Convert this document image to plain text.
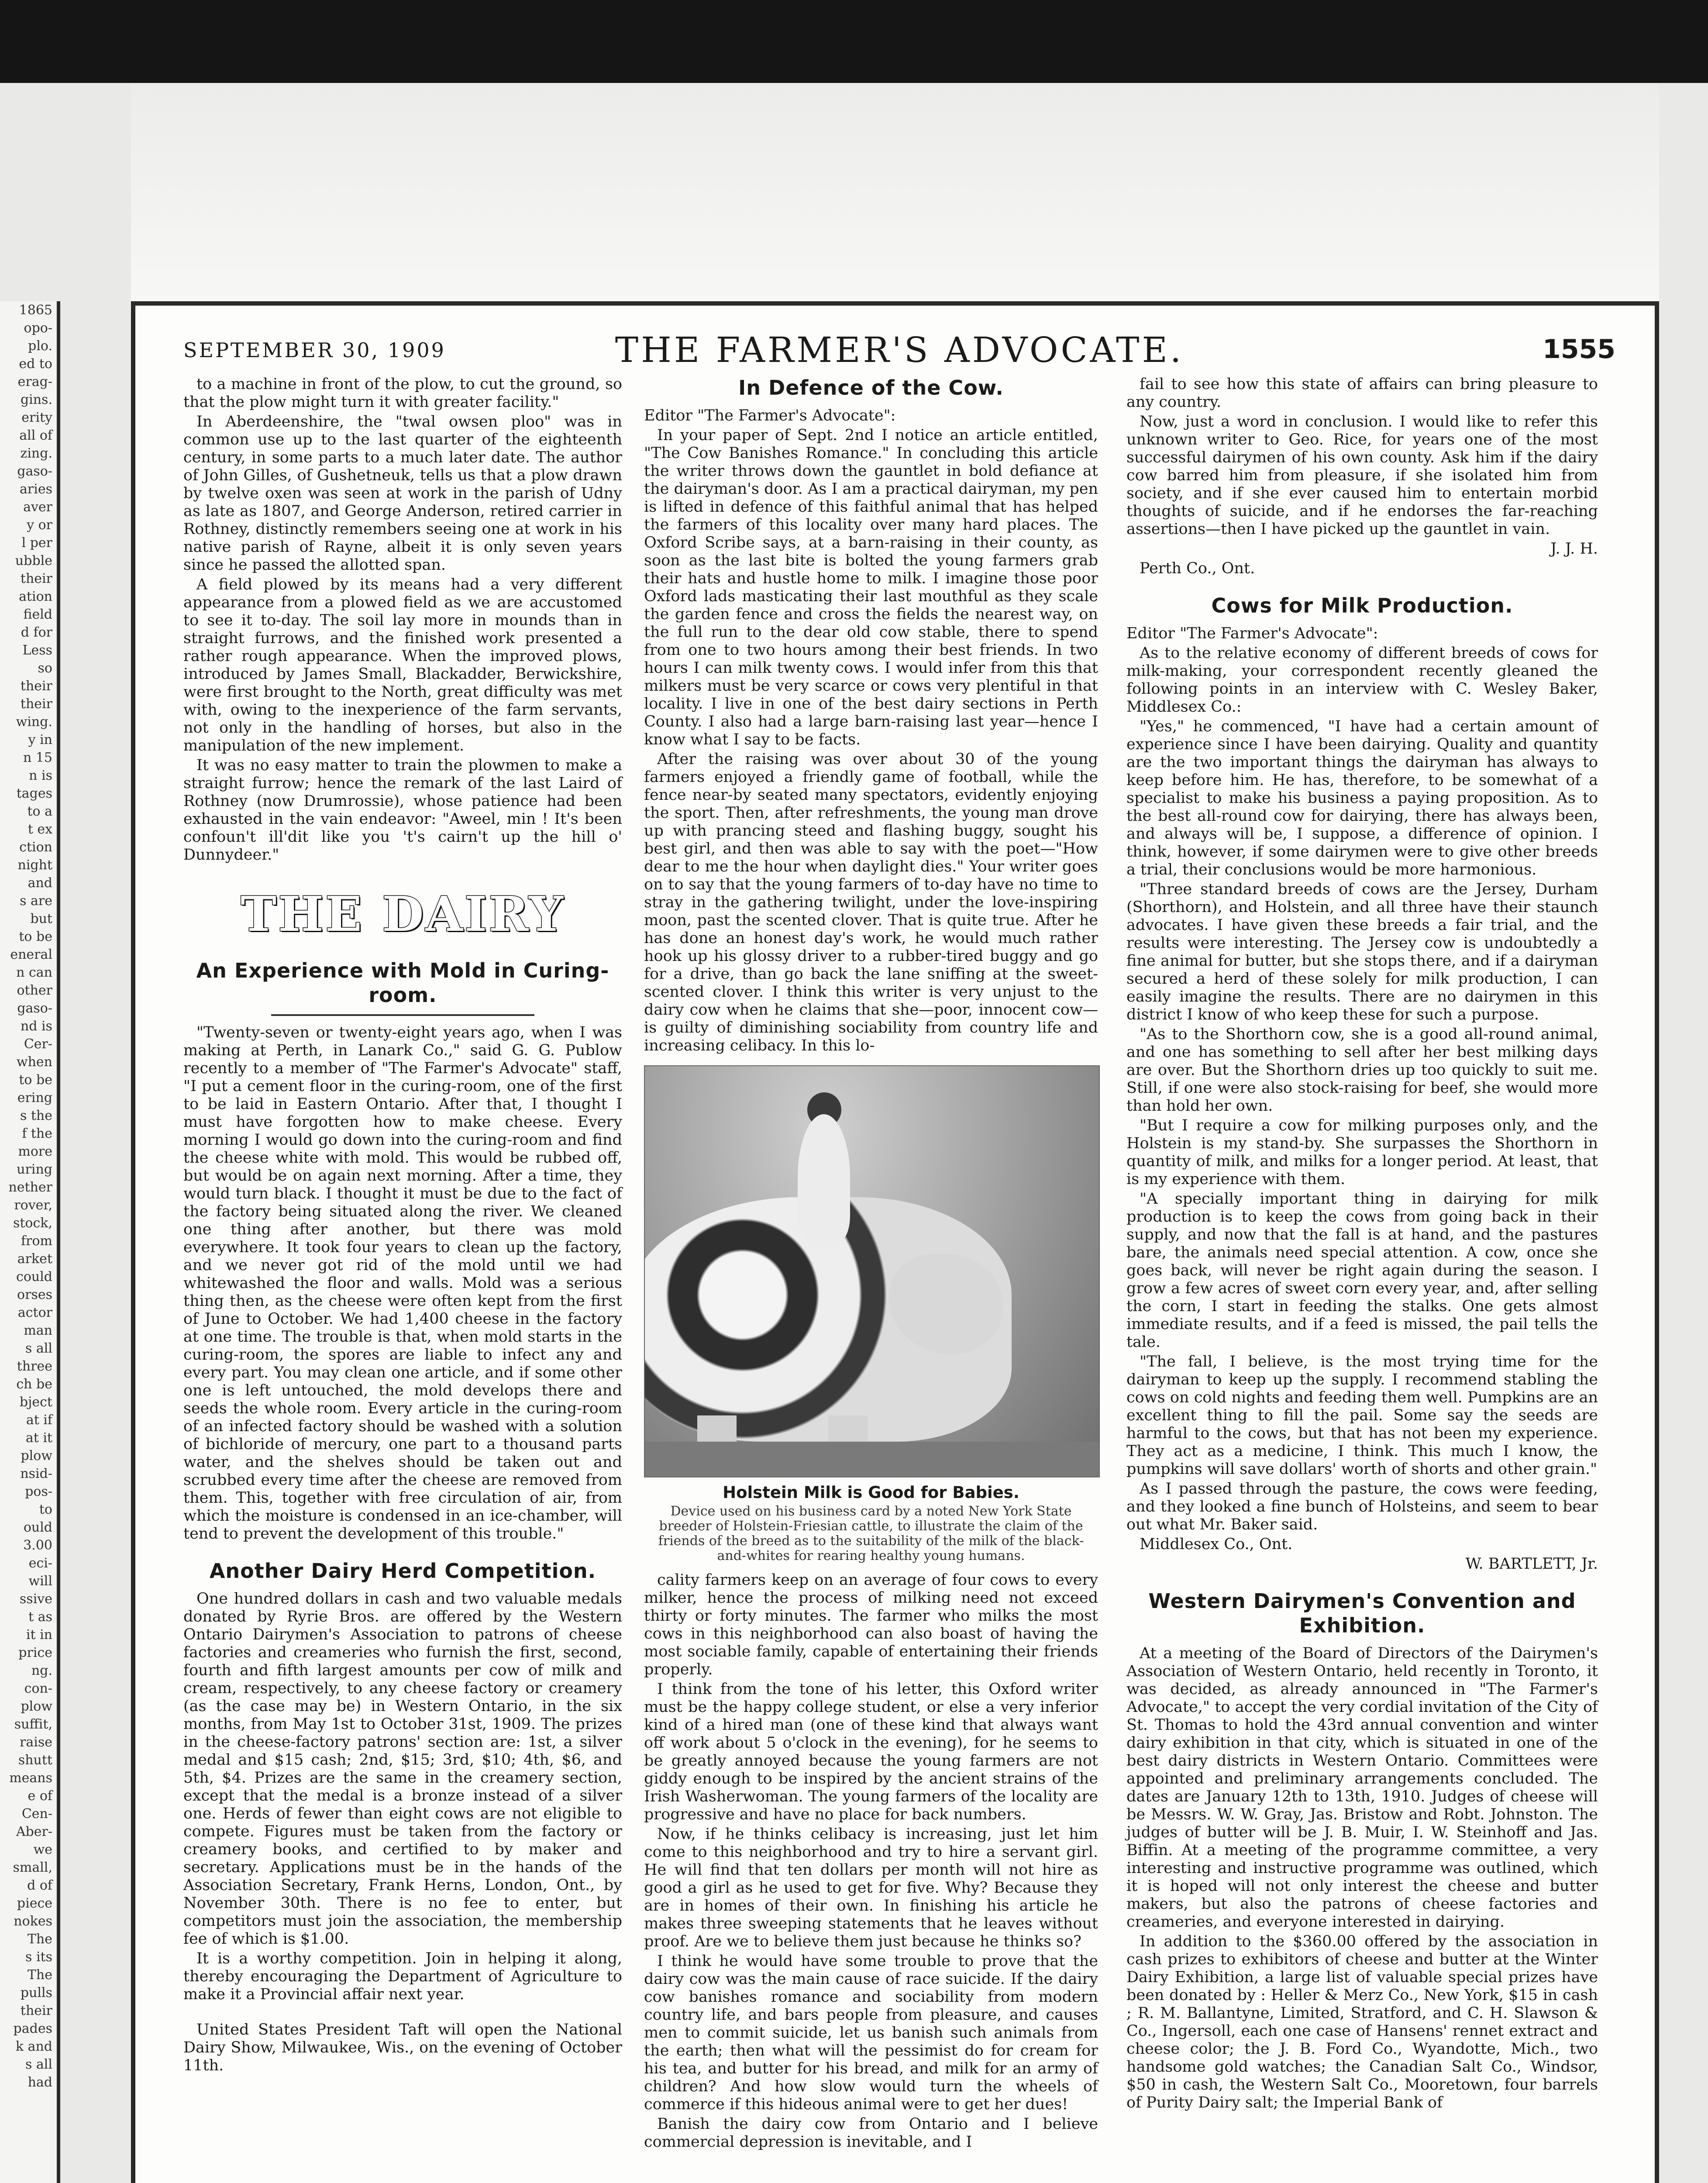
1865
opo-
plo.
ed to
erag-
gins.
erity
all of
zing.
gaso-
aries
aver
y or
l per
ubble
their
ation
field
d for
Less
so
their
their
wing.
y in
n 15
n is
tages
to a
t ex
ction
night
and
s are
but
to be
eneral
n can
other
gaso-
nd is
Cer-
when
to be
ering
s the
f the
more
uring
nether
rover,
stock,
from
arket
could
orses
actor
man
s all
three
ch be
bject
at if
at it
plow
nsid-
pos-
to
ould
3.00
eci-
will
ssive
t as
it in
price
ng.
con-
plow
suffit,
raise
shutt
means
e of
Cen-
Aber-
we
small,
d of
piece
nokes
The
s its
The
pulls
their
pades
k and
s all
had
SEPTEMBER 30, 1909	THE FARMER'S ADVOCATE.	1555

to a machine in front of the plow, to cut the ground, so that the plow might turn it with greater facility."

In Aberdeenshire, the "twal owsen ploo" was in common use up to the last quarter of the eighteenth century, in some parts to a much later date. The author of John Gilles, of Gushetneuk, tells us that a plow drawn by twelve oxen was seen at work in the parish of Udny as late as 1807, and George Anderson, retired carrier in Rothney, distinctly remembers seeing one at work in his native parish of Rayne, albeit it is only seven years since he passed the allotted span.

A field plowed by its means had a very different appearance from a plowed field as we are accustomed to see it to-day. The soil lay more in mounds than in straight furrows, and the finished work presented a rather rough appearance. When the improved plows, introduced by James Small, Blackadder, Berwickshire, were first brought to the North, great difficulty was met with, owing to the inexperience of the farm servants, not only in the handling of horses, but also in the manipulation of the new implement.

It was no easy matter to train the plowmen to make a straight furrow; hence the remark of the last Laird of Rothney (now Drumrossie), whose patience had been exhausted in the vain endeavor: "Aweel, min ! It's been confoun't ill'dit like you 't's cairn't up the hill o' Dunnydeer."

THE DAIRY
An Experience with Mold in Curing-room.

"Twenty-seven or twenty-eight years ago, when I was making at Perth, in Lanark Co.," said G. G. Publow recently to a member of "The Farmer's Advocate" staff, "I put a cement floor in the curing-room, one of the first to be laid in Eastern Ontario. After that, I thought I must have forgotten how to make cheese. Every morning I would go down into the curing-room and find the cheese white with mold. This would be rubbed off, but would be on again next morning. After a time, they would turn black. I thought it must be due to the fact of the factory being situated along the river. We cleaned one thing after another, but there was mold everywhere. It took four years to clean up the factory, and we never got rid of the mold until we had whitewashed the floor and walls. Mold was a serious thing then, as the cheese were often kept from the first of June to October. We had 1,400 cheese in the factory at one time. The trouble is that, when mold starts in the curing-room, the spores are liable to infect any and every part. You may clean one article, and if some other one is left untouched, the mold develops there and seeds the whole room. Every article in the curing-room of an infected factory should be washed with a solution of bichloride of mercury, one part to a thousand parts water, and the shelves should be taken out and scrubbed every time after the cheese are removed from them. This, together with free circulation of air, from which the moisture is condensed in an ice-chamber, will tend to prevent the development of this trouble."

Another Dairy Herd Competition.

One hundred dollars in cash and two valuable medals donated by Ryrie Bros. are offered by the Western Ontario Dairymen's Association to patrons of cheese factories and creameries who furnish the first, second, fourth and fifth largest amounts per cow of milk and cream, respectively, to any cheese factory or creamery (as the case may be) in Western Ontario, in the six months, from May 1st to October 31st, 1909. The prizes in the cheese-factory patrons' section are: 1st, a silver medal and $15 cash; 2nd, $15; 3rd, $10; 4th, $6, and 5th, $4. Prizes are the same in the creamery section, except that the medal is a bronze instead of a silver one. Herds of fewer than eight cows are not eligible to compete. Figures must be taken from the factory or creamery books, and certified to by maker and secretary. Applications must be in the hands of the Association Secretary, Frank Herns, London, Ont., by November 30th. There is no fee to enter, but competitors must join the association, the membership fee of which is $1.00.

It is a worthy competition. Join in helping it along, thereby encouraging the Department of Agriculture to make it a Provincial affair next year.

United States President Taft will open the National Dairy Show, Milwaukee, Wis., on the evening of October 11th.

In Defence of the Cow.

Editor "The Farmer's Advocate":

In your paper of Sept. 2nd I notice an article entitled, "The Cow Banishes Romance." In concluding this article the writer throws down the gauntlet in bold defiance at the dairyman's door. As I am a practical dairyman, my pen is lifted in defence of this faithful animal that has helped the farmers of this locality over many hard places. The Oxford Scribe says, at a barn-raising in their county, as soon as the last bite is bolted the young farmers grab their hats and hustle home to milk. I imagine those poor Oxford lads masticating their last mouthful as they scale the garden fence and cross the fields the nearest way, on the full run to the dear old cow stable, there to spend from one to two hours among their best friends. In two hours I can milk twenty cows. I would infer from this that milkers must be very scarce or cows very plentiful in that locality. I live in one of the best dairy sections in Perth County. I also had a large barn-raising last year—hence I know what I say to be facts.

After the raising was over about 30 of the young farmers enjoyed a friendly game of football, while the fence near-by seated many spectators, evidently enjoying the sport. Then, after refreshments, the young man drove up with prancing steed and flashing buggy, sought his best girl, and then was able to say with the poet—"How dear to me the hour when daylight dies." Your writer goes on to say that the young farmers of to-day have no time to stray in the gathering twilight, under the love-inspiring moon, past the scented clover. That is quite true. After he has done an honest day's work, he would much rather hook up his glossy driver to a rubber-tired buggy and go for a drive, than go back the lane sniffing at the sweet-scented clover. I think this writer is very unjust to the dairy cow when he claims that she—poor, innocent cow—is guilty of diminishing sociability from country life and increasing celibacy. In this lo-

Holstein Milk is Good for Babies.
Device used on his business card by a noted New York State breeder of Holstein-Friesian cattle, to illustrate the claim of the friends of the breed as to the suitability of the milk of the black-and-whites for rearing healthy young humans.

cality farmers keep on an average of four cows to every milker, hence the process of milking need not exceed thirty or forty minutes. The farmer who milks the most cows in this neighborhood can also boast of having the most sociable family, capable of entertaining their friends properly.

I think from the tone of his letter, this Oxford writer must be the happy college student, or else a very inferior kind of a hired man (one of these kind that always want off work about 5 o'clock in the evening), for he seems to be greatly annoyed because the young farmers are not giddy enough to be inspired by the ancient strains of the Irish Washerwoman. The young farmers of the locality are progressive and have no place for back numbers.

Now, if he thinks celibacy is increasing, just let him come to this neighborhood and try to hire a servant girl. He will find that ten dollars per month will not hire as good a girl as he used to get for five. Why? Because they are in homes of their own. In finishing his article he makes three sweeping statements that he leaves without proof. Are we to believe them just because he thinks so?

I think he would have some trouble to prove that the dairy cow was the main cause of race suicide. If the dairy cow banishes romance and sociability from modern country life, and bars people from pleasure, and causes men to commit suicide, let us banish such animals from the earth; then what will the pessimist do for cream for his tea, and butter for his bread, and milk for an army of children? And how slow would turn the wheels of commerce if this hideous animal were to get her dues!

Banish the dairy cow from Ontario and I believe commercial depression is inevitable, and I

fail to see how this state of affairs can bring pleasure to any country.

Now, just a word in conclusion. I would like to refer this unknown writer to Geo. Rice, for years one of the most successful dairymen of his own county. Ask him if the dairy cow barred him from pleasure, if she isolated him from society, and if she ever caused him to entertain morbid thoughts of suicide, and if he endorses the far-reaching assertions—then I have picked up the gauntlet in vain.

J. J. H.

Perth Co., Ont.

Cows for Milk Production.

Editor "The Farmer's Advocate":

As to the relative economy of different breeds of cows for milk-making, your correspondent recently gleaned the following points in an interview with C. Wesley Baker, Middlesex Co.:

"Yes," he commenced, "I have had a certain amount of experience since I have been dairying. Quality and quantity are the two important things the dairyman has always to keep before him. He has, therefore, to be somewhat of a specialist to make his business a paying proposition. As to the best all-round cow for dairying, there has always been, and always will be, I suppose, a difference of opinion. I think, however, if some dairymen were to give other breeds a trial, their conclusions would be more harmonious.

"Three standard breeds of cows are the Jersey, Durham (Shorthorn), and Holstein, and all three have their staunch advocates. I have given these breeds a fair trial, and the results were interesting. The Jersey cow is undoubtedly a fine animal for butter, but she stops there, and if a dairyman secured a herd of these solely for milk production, I can easily imagine the results. There are no dairymen in this district I know of who keep these for such a purpose.

"As to the Shorthorn cow, she is a good all-round animal, and one has something to sell after her best milking days are over. But the Shorthorn dries up too quickly to suit me. Still, if one were also stock-raising for beef, she would more than hold her own.

"But I require a cow for milking purposes only, and the Holstein is my stand-by. She surpasses the Shorthorn in quantity of milk, and milks for a longer period. At least, that is my experience with them.

"A specially important thing in dairying for milk production is to keep the cows from going back in their supply, and now that the fall is at hand, and the pastures bare, the animals need special attention. A cow, once she goes back, will never be right again during the season. I grow a few acres of sweet corn every year, and, after selling the corn, I start in feeding the stalks. One gets almost immediate results, and if a feed is missed, the pail tells the tale.

"The fall, I believe, is the most trying time for the dairyman to keep up the supply. I recommend stabling the cows on cold nights and feeding them well. Pumpkins are an excellent thing to fill the pail. Some say the seeds are harmful to the cows, but that has not been my experience. They act as a medicine, I think. This much I know, the pumpkins will save dollars' worth of shorts and other grain."

As I passed through the pasture, the cows were feeding, and they looked a fine bunch of Holsteins, and seem to bear out what Mr. Baker said.

Middlesex Co., Ont.

W. BARTLETT, Jr.

Western Dairymen's Convention and Exhibition.

At a meeting of the Board of Directors of the Dairymen's Association of Western Ontario, held recently in Toronto, it was decided, as already announced in "The Farmer's Advocate," to accept the very cordial invitation of the City of St. Thomas to hold the 43rd annual convention and winter dairy exhibition in that city, which is situated in one of the best dairy districts in Western Ontario. Committees were appointed and preliminary arrangements concluded. The dates are January 12th to 13th, 1910. Judges of cheese will be Messrs. W. W. Gray, Jas. Bristow and Robt. Johnston. The judges of butter will be J. B. Muir, I. W. Steinhoff and Jas. Biffin. At a meeting of the programme committee, a very interesting and instructive programme was outlined, which it is hoped will not only interest the cheese and butter makers, but also the patrons of cheese factories and creameries, and everyone interested in dairying.

In addition to the $360.00 offered by the association in cash prizes to exhibitors of cheese and butter at the Winter Dairy Exhibition, a large list of valuable special prizes have been donated by : Heller & Merz Co., New York, $15 in cash ; R. M. Ballantyne, Limited, Stratford, and C. H. Slawson & Co., Ingersoll, each one case of Hansens' rennet extract and cheese color; the J. B. Ford Co., Wyandotte, Mich., two handsome gold watches; the Canadian Salt Co., Windsor, $50 in cash, the Western Salt Co., Mooretown, four barrels of Purity Dairy salt; the Imperial Bank of
